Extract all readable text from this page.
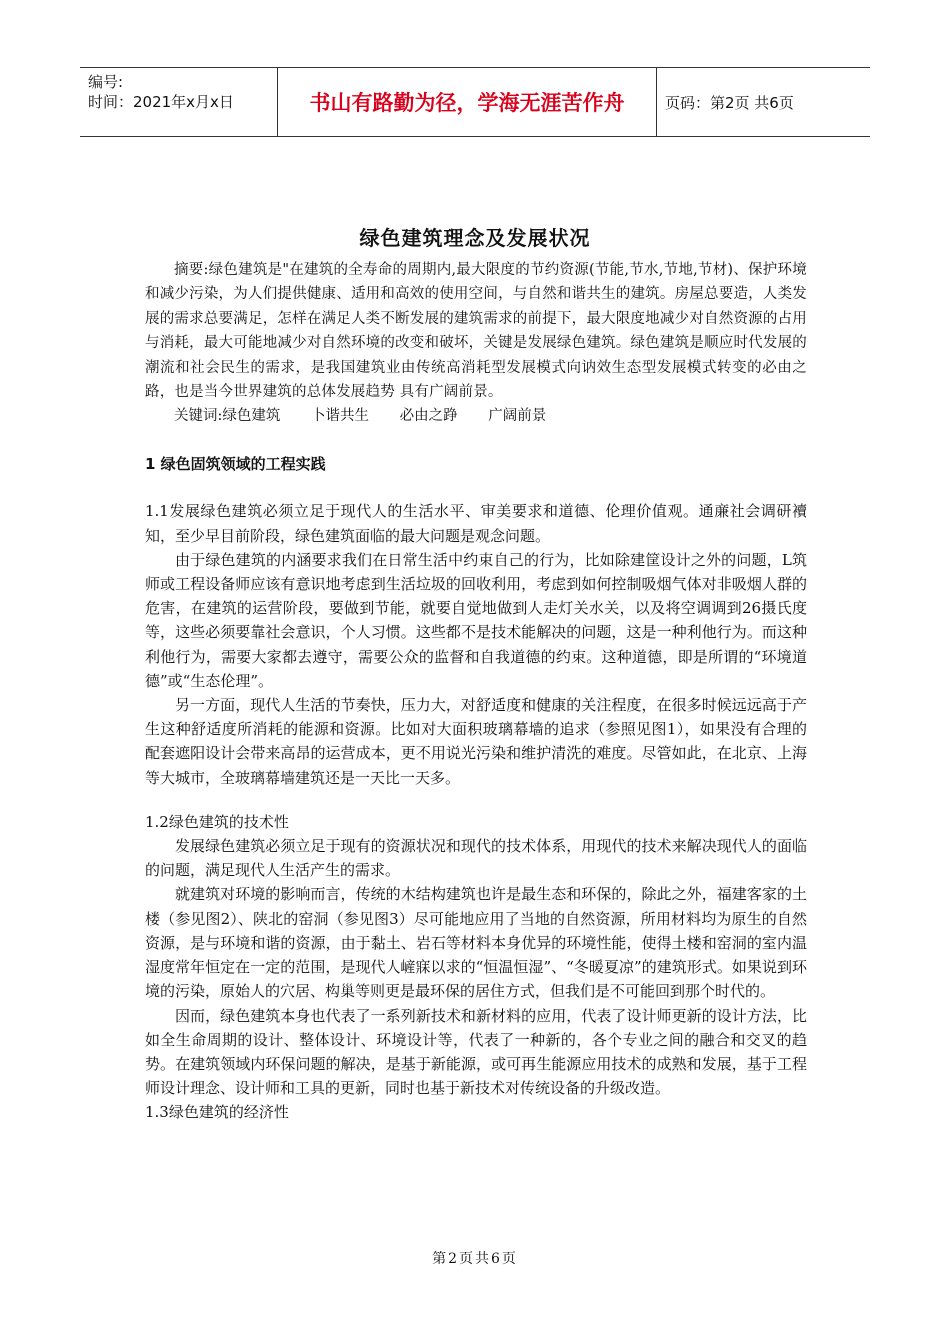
编号:
时间：2021年x月x日	书山有路勤为径，学海无涯苦作舟	页码：第2页 共6页
绿色建筑理念及发展状况

摘要:绿色建筑是"在建筑的全寿命的周期内,最大限度的节约资源(节能,节水,节地,节材)、保护环境和减少污染，为人们提供健康、适用和高效的使用空间，与自然和谐共生的建筑。房屋总要造，人类发展的需求总要满足，怎样在满足人类不断发展的建筑需求的前提下，最大限度地减少对自然资源的占用与消耗，最大可能地减少对自然环境的改变和破坏，关键是发展绿色建筑。绿色建筑是顺应时代发展的潮流和社会民生的需求，是我国建筑业由传统高消耗型发展模式向讷效生态型发展模式转变的必由之路，也是当今世界建筑的总体发展趋势 具有广阔前景。

关键词:绿色建筑 卜谐共生 必由之踭 广阔前景

1 绿色固筑领域的工程实践

1.1发展绿色建筑必须立足于现代人的生活水平、审美要求和道德、伦理价值观。通亷社会调研襩知，至少早目前阶段，绿色建筑面临的最大问题是观念问题。

由于绿色建筑的内涵要求我们在日常生活中约束自己的行为，比如除建筐设计之外的问题，Ⅼ筑师或工程设备师应该有意识地考虑到生活垃圾的回收利用，考虑到如何控制吸烟气体对非吸烟人群的危害，在建筑的运营阶段，要做到节能，就要自觉地做到人走灯关水关，以及将空调调到26摄氏度等，这些必须要靠社会意识，个人习惯。这些都不是技术能解决的问题，这是一种利他行为。而这种利他行为，需要大家都去遵守，需要公众的监督和自我道德的约束。这种道德，即是所谓的“环境道德”或“生态伦理”。

另一方面，现代人生活的节奏快，压力大，对舒适度和健康的关注程度，在很多时候远远高于产生这种舒适度所消耗的能源和资源。比如对大面积玻璃幕墙的追求（参照见图1），如果没有合理的配套遮阳设计会带来高昂的运营成本，更不用说光污染和维护清洗的难度。尽管如此，在北京、上海等大城市，全玻璃幕墙建筑还是一天比一天多。

1.2绿色建筑的技术性

发展绿色建筑必须立足于现有的资源状况和现代的技术体系，用现代的技术来解决现代人的面临的问题，满足现代人生活产生的需求。

就建筑对环境的影响而言，传统的木结构建筑也许是最生态和环保的，除此之外，福建客家的土楼（参见图2）、陕北的窑洞（参见图3）尽可能地应用了当地的自然资源，所用材料均为原生的自然资源，是与环境和谐的资源，由于黏土、岩石等材料本身优异的环境性能，使得土楼和窑洞的室内温湿度常年恒定在一定的范围，是现代人嵼寐以求的“恒温恒湿”、“冬暖夏凉”的建筑形式。如果说到环境的污染，原始人的穴居、构巢等则更是最环保的居住方式，但我们是不可能回到那个时代的。

因而，绿色建筑本身也代表了一系列新技术和新材料的应用，代表了设计师更新的设计方法，比如全生命周期的设计、整体设计、环境设计等，代表了一种新的，各个专业之间的融合和交叉的趋势。在建筑领域内环保问题的解决，是基于新能源，或可再生能源应用技术的成熟和发展，基于工程师设计理念、设计师和工具的更新，同时也基于新技术对传统设备的升级改造。

1.3绿色建筑的经济性

第2页共6页
